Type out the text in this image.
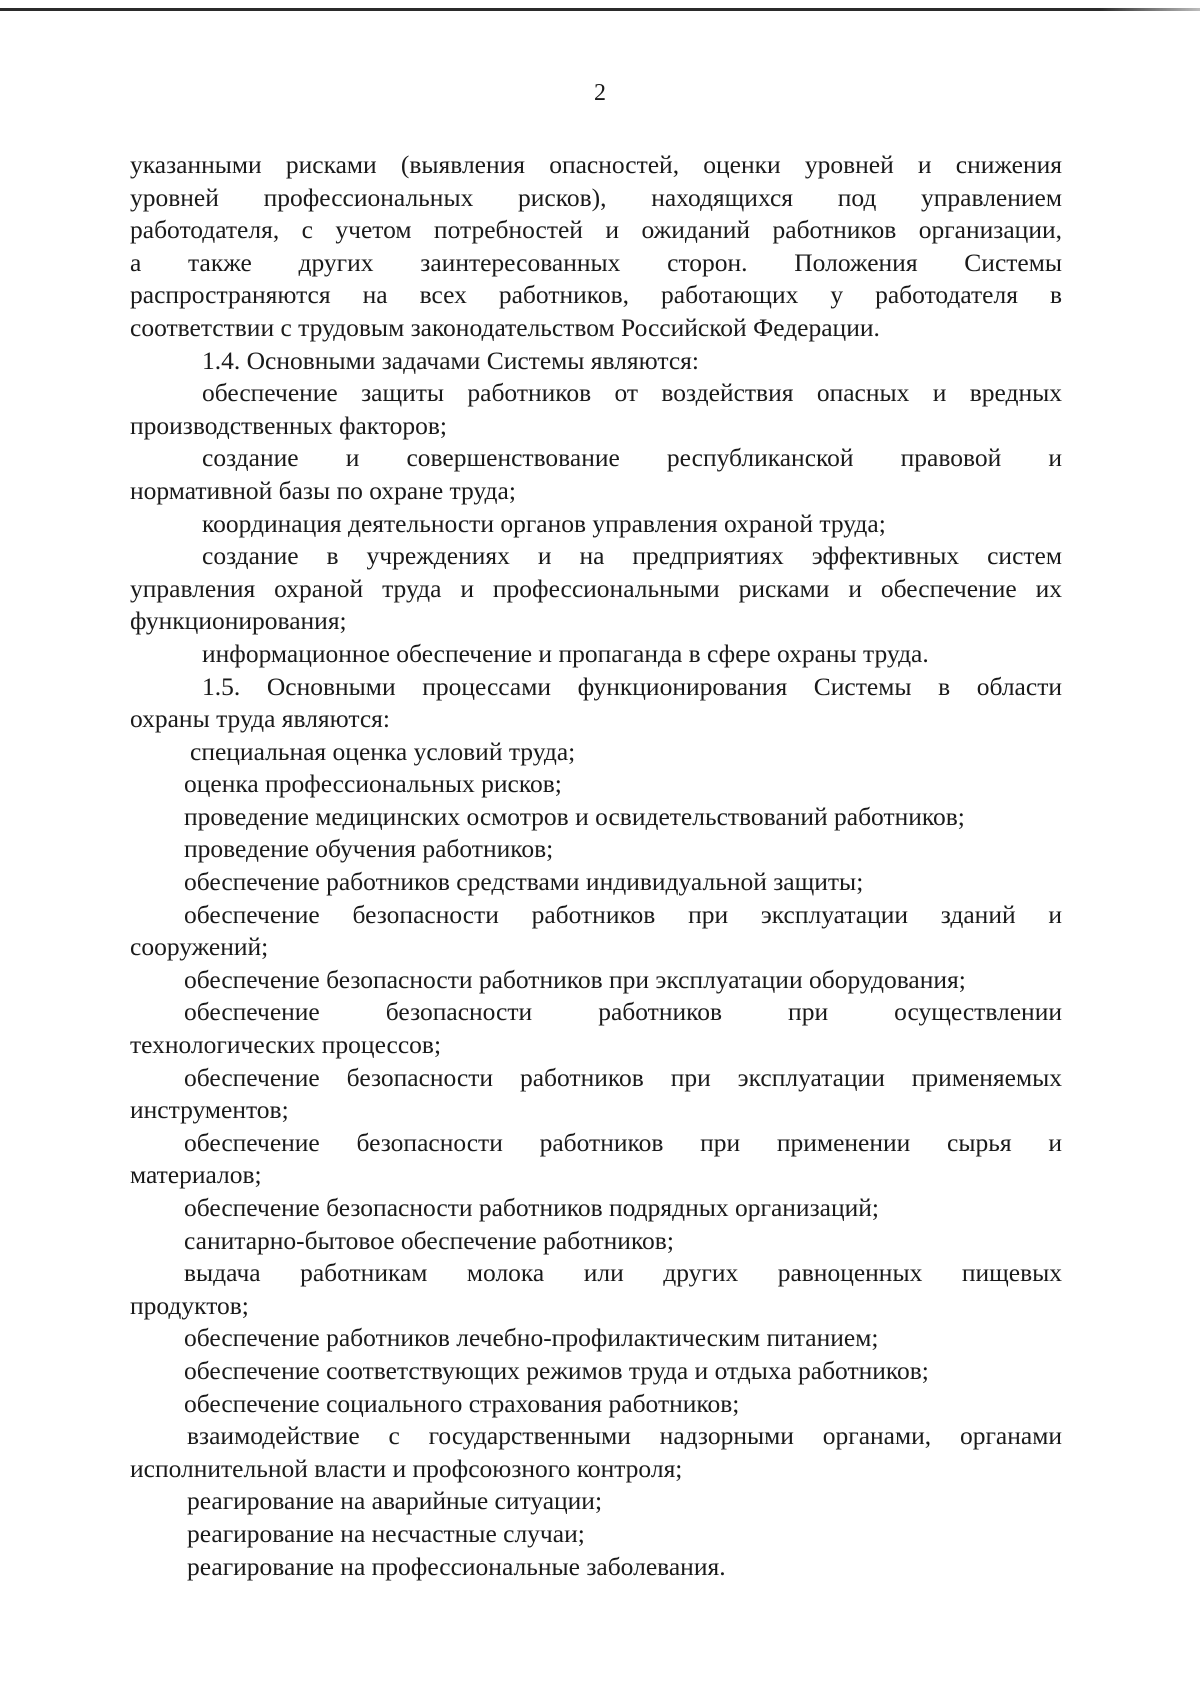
2
указанными рисками (выявления опасностей, оценки уровней и снижения
уровней профессиональных рисков), находящихся под управлением
работодателя, с учетом потребностей и ожиданий работников организации,
а также других заинтересованных сторон. Положения Системы
распространяются на всех работников, работающих у работодателя в
соответствии с трудовым законодательством Российской Федерации.
1.4. Основными задачами Системы являются:
обеспечение защиты работников от воздействия опасных и вредных
производственных факторов;
создание и совершенствование республиканской правовой и
нормативной базы по охране труда;
координация деятельности органов управления охраной труда;
создание в учреждениях и на предприятиях эффективных систем
управления охраной труда и профессиональными рисками и обеспечение их
функционирования;
информационное обеспечение и пропаганда в сфере охраны труда.
1.5. Основными процессами функционирования Системы в области
охраны труда являются:
специальная оценка условий труда;
оценка профессиональных рисков;
проведение медицинских осмотров и освидетельствований работников;
проведение обучения работников;
обеспечение работников средствами индивидуальной защиты;
обеспечение безопасности работников при эксплуатации зданий и
сооружений;
обеспечение безопасности работников при эксплуатации оборудования;
обеспечение безопасности работников при осуществлении
технологических процессов;
обеспечение безопасности работников при эксплуатации применяемых
инструментов;
обеспечение безопасности работников при применении сырья и
материалов;
обеспечение безопасности работников подрядных организаций;
санитарно-бытовое обеспечение работников;
выдача работникам молока или других равноценных пищевых
продуктов;
обеспечение работников лечебно-профилактическим питанием;
обеспечение соответствующих режимов труда и отдыха работников;
обеспечение социального страхования работников;
взаимодействие с государственными надзорными органами, органами
исполнительной власти и профсоюзного контроля;
реагирование на аварийные ситуации;
реагирование на несчастные случаи;
реагирование на профессиональные заболевания.
